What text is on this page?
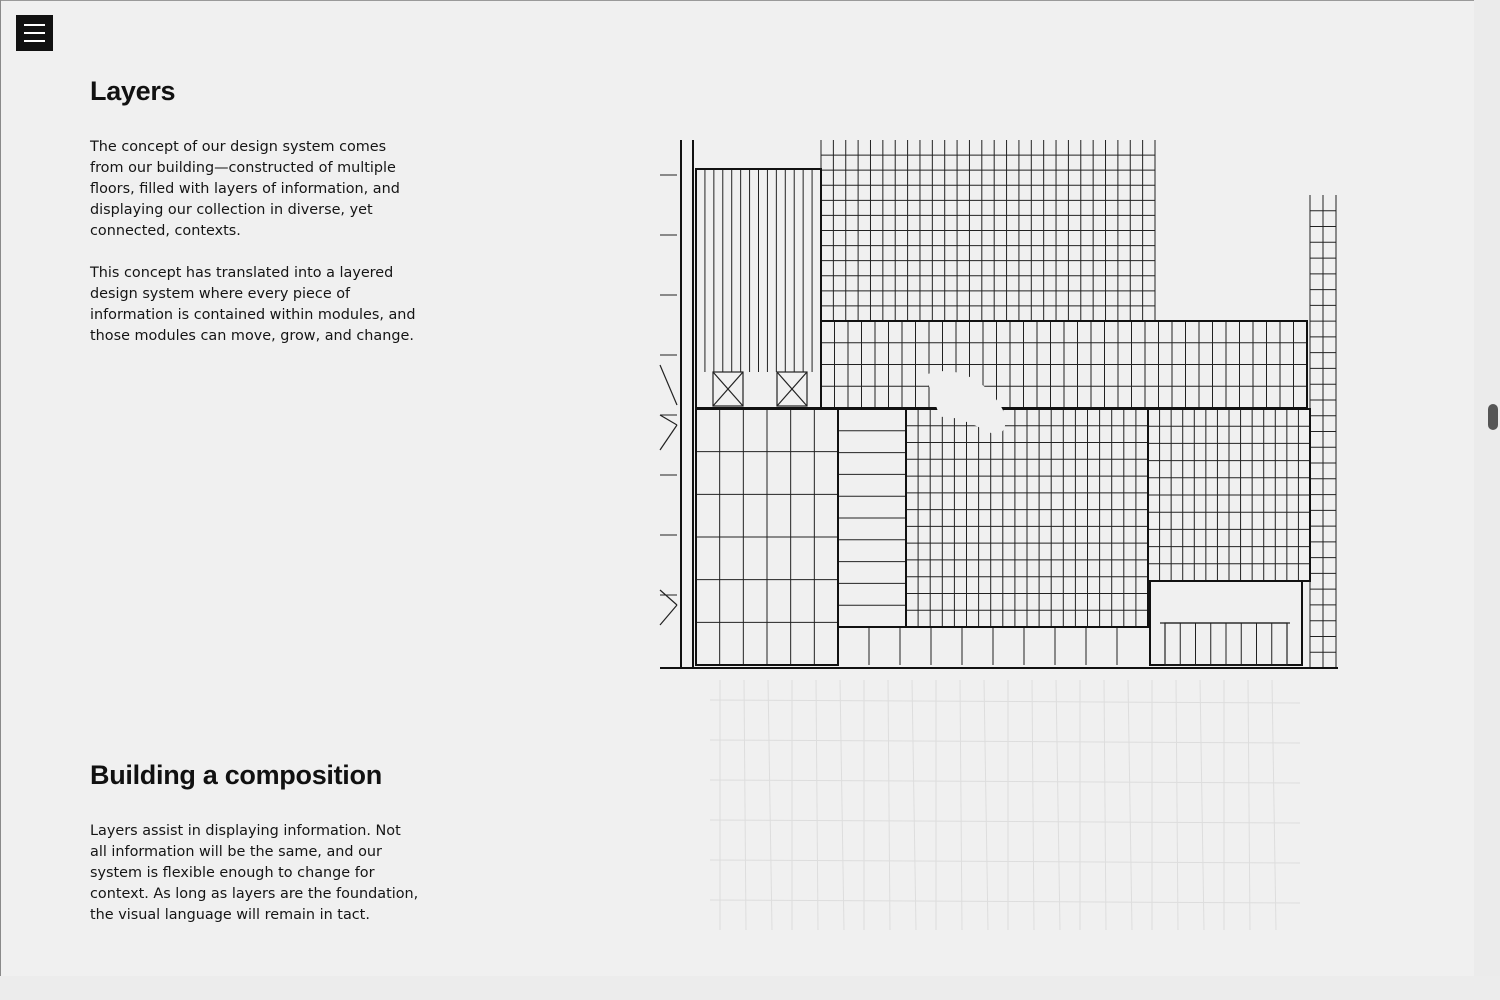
Layers

The concept of our design system comes from our building—constructed of multiple floors, filled with layers of information, and displaying our collection in diverse, yet connected, contexts.

This concept has translated into a layered design system where every piece of information is contained within modules, and those modules can move, grow, and change.

Building a composition

Layers assist in displaying information. Not all information will be the same, and our system is flexible enough to change for context. As long as layers are the foundation, the visual language will remain in tact.
